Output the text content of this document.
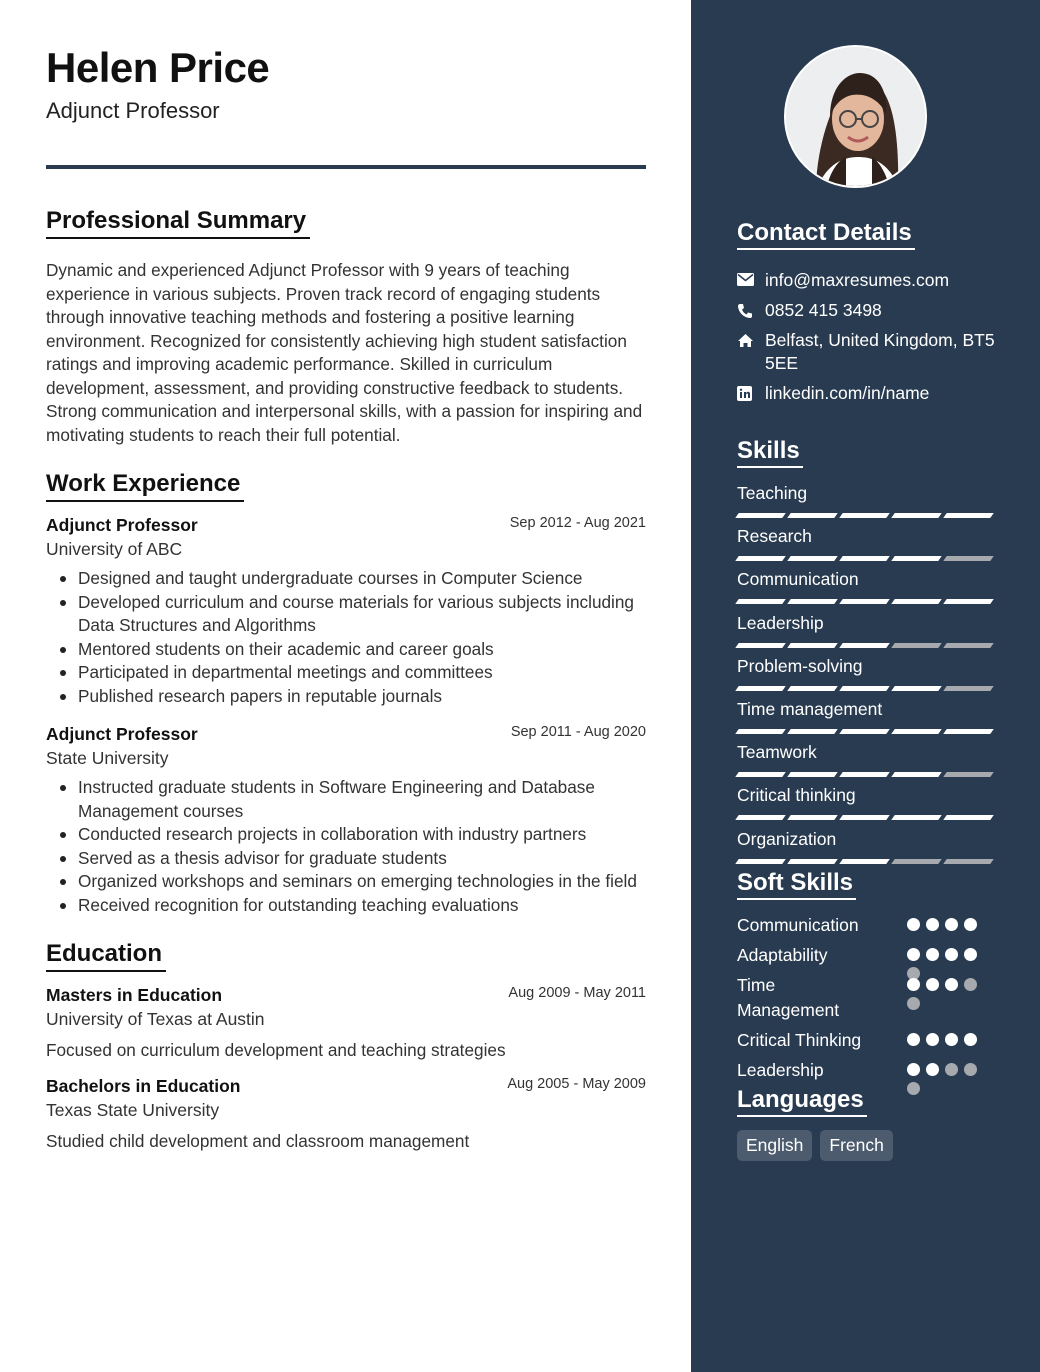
Helen Price
Adjunct Professor
Professional Summary
Dynamic and experienced Adjunct Professor with 9 years of teaching experience in various subjects. Proven track record of engaging students through innovative teaching methods and fostering a positive learning environment. Recognized for consistently achieving high student satisfaction ratings and improving academic performance. Skilled in curriculum development, assessment, and providing constructive feedback to students. Strong communication and interpersonal skills, with a passion for inspiring and motivating students to reach their full potential.
Work Experience
Adjunct Professor	Sep 2012 - Aug 2021
University of ABC
Designed and taught undergraduate courses in Computer Science
Developed curriculum and course materials for various subjects including Data Structures and Algorithms
Mentored students on their academic and career goals
Participated in departmental meetings and committees
Published research papers in reputable journals
Adjunct Professor	Sep 2011 - Aug 2020
State University
Instructed graduate students in Software Engineering and Database Management courses
Conducted research projects in collaboration with industry partners
Served as a thesis advisor for graduate students
Organized workshops and seminars on emerging technologies in the field
Received recognition for outstanding teaching evaluations
Education
Masters in Education	Aug 2009 - May 2011
University of Texas at Austin
Focused on curriculum development and teaching strategies
Bachelors in Education	Aug 2005 - May 2009
Texas State University
Studied child development and classroom management
Contact Details
info@maxresumes.com
0852 415 3498
Belfast, United Kingdom, BT5 5EE
linkedin.com/in/name
Skills
Teaching
Research
Communication
Leadership
Problem-solving
Time management
Teamwork
Critical thinking
Organization
Soft Skills
Communication
Adaptability
Time Management
Critical Thinking
Leadership
Languages
English	French
